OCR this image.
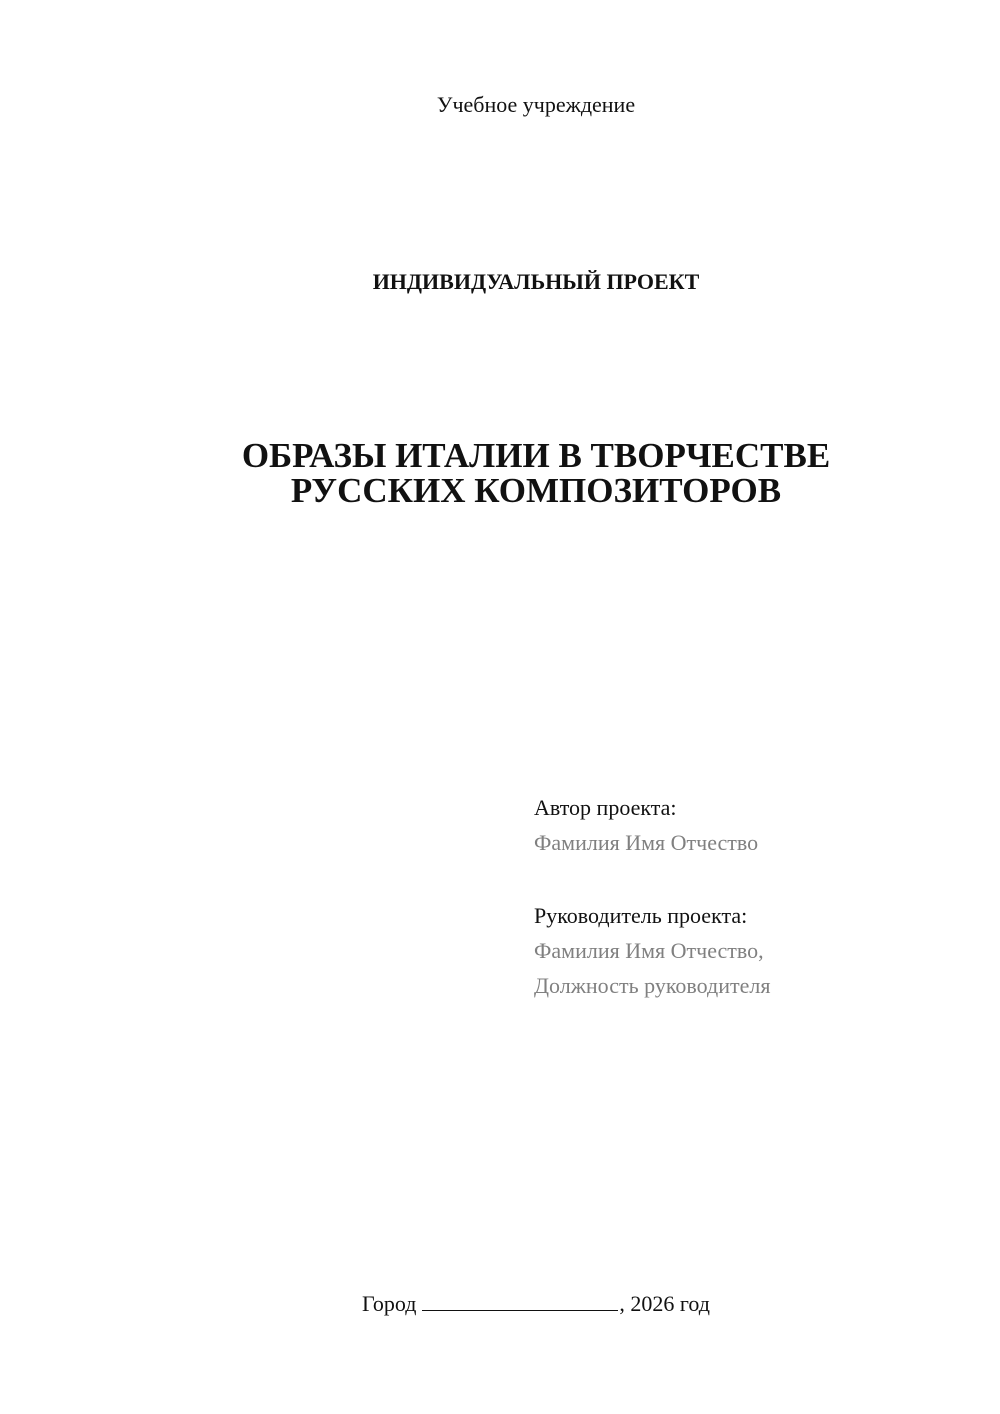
Учебное учреждение
ИНДИВИДУАЛЬНЫЙ ПРОЕКТ
ОБРАЗЫ ИТАЛИИ В ТВОРЧЕСТВЕ
РУССКИХ КОМПОЗИТОРОВ
Автор проекта:
Фамилия Имя Отчество
Руководитель проекта:
Фамилия Имя Отчество,
Должность руководителя
Город	, 2026 год
